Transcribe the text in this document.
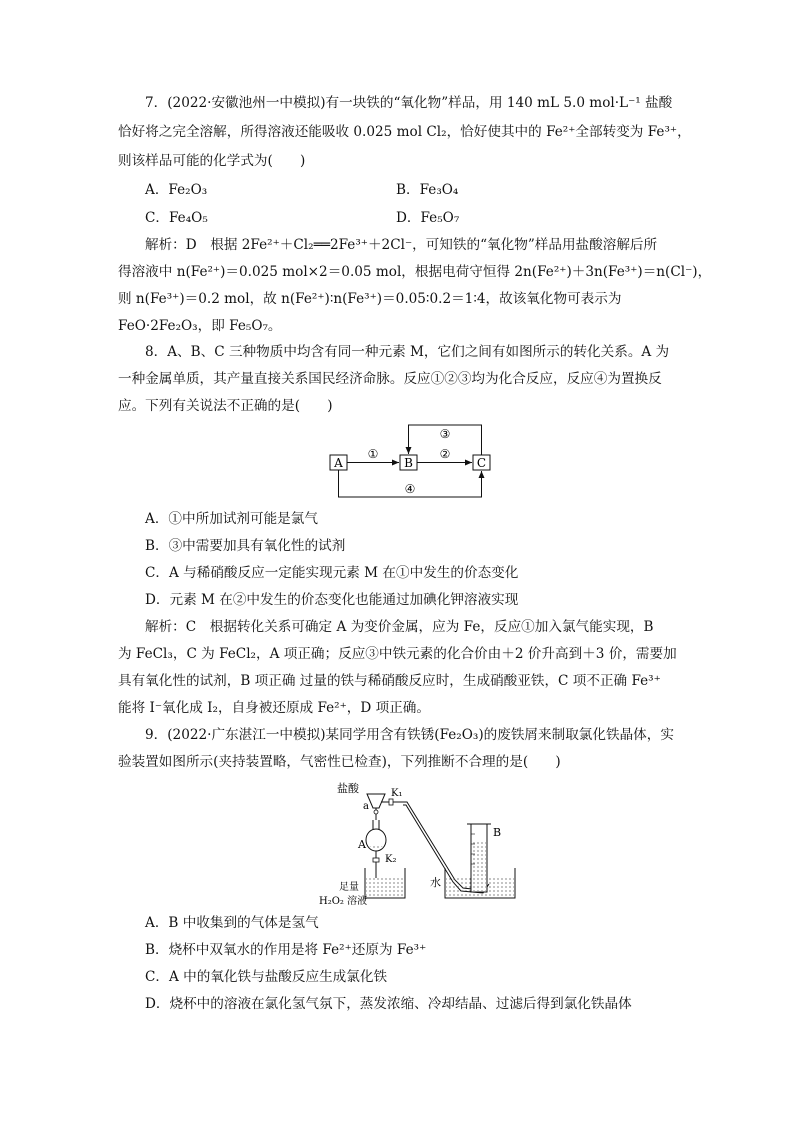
7．(2022·安徽池州一中模拟)有一块铁的“氧化物”样品，用 140 mL 5.0 mol·L⁻¹ 盐酸
恰好将之完全溶解，所得溶液还能吸收 0.025 mol Cl₂，恰好使其中的 Fe²⁺全部转变为 Fe³⁺，
则该样品可能的化学式为(　　)
A．Fe₂O₃	B．Fe₃O₄
C．Fe₄O₅	D．Fe₅O₇
解析：D　根据 2Fe²⁺＋Cl₂══2Fe³⁺＋2Cl⁻，可知铁的“氧化物”样品用盐酸溶解后所
得溶液中 n(Fe²⁺)＝0.025 mol×2＝0.05 mol，根据电荷守恒得 2n(Fe²⁺)＋3n(Fe³⁺)＝n(Cl⁻)，
则 n(Fe³⁺)＝0.2 mol，故 n(Fe²⁺)∶n(Fe³⁺)＝0.05∶0.2＝1∶4，故该氧化物可表示为
FeO·2Fe₂O₃，即 Fe₅O₇。
8．A、B、C 三种物质中均含有同一种元素 M，它们之间有如图所示的转化关系。A 为
一种金属单质，其产量直接关系国民经济命脉。反应①②③均为化合反应，反应④为置换反
应。下列有关说法不正确的是(　　)
A	B	C
①	②
③
④
A．①中所加试剂可能是氯气
B．③中需要加具有氧化性的试剂
C．A 与稀硝酸反应一定能实现元素 M 在①中发生的价态变化
D．元素 M 在②中发生的价态变化也能通过加碘化钾溶液实现
解析：C　根据转化关系可确定 A 为变价金属，应为 Fe，反应①加入氯气能实现，B
为 FeCl₃，C 为 FeCl₂，A 项正确；反应③中铁元素的化合价由＋2 价升高到＋3 价，需要加
具有氧化性的试剂，B 项正确 过量的铁与稀硝酸反应时，生成硝酸亚铁，C 项不正确 Fe³⁺
能将 I⁻氧化成 I₂，自身被还原成 Fe²⁺，D 项正确。
9．(2022·广东湛江一中模拟)某同学用含有铁锈(Fe₂O₃)的废铁屑来制取氯化铁晶体，实
验装置如图所示(夹持装置略，气密性已检查)，下列推断不合理的是(　　)
盐酸
a
K₁
A
K₂
足量
H₂O₂ 溶液
水
B
A．B 中收集到的气体是氢气
B．烧杯中双氧水的作用是将 Fe²⁺还原为 Fe³⁺
C．A 中的氧化铁与盐酸反应生成氯化铁
D．烧杯中的溶液在氯化氢气氛下，蒸发浓缩、冷却结晶、过滤后得到氯化铁晶体
